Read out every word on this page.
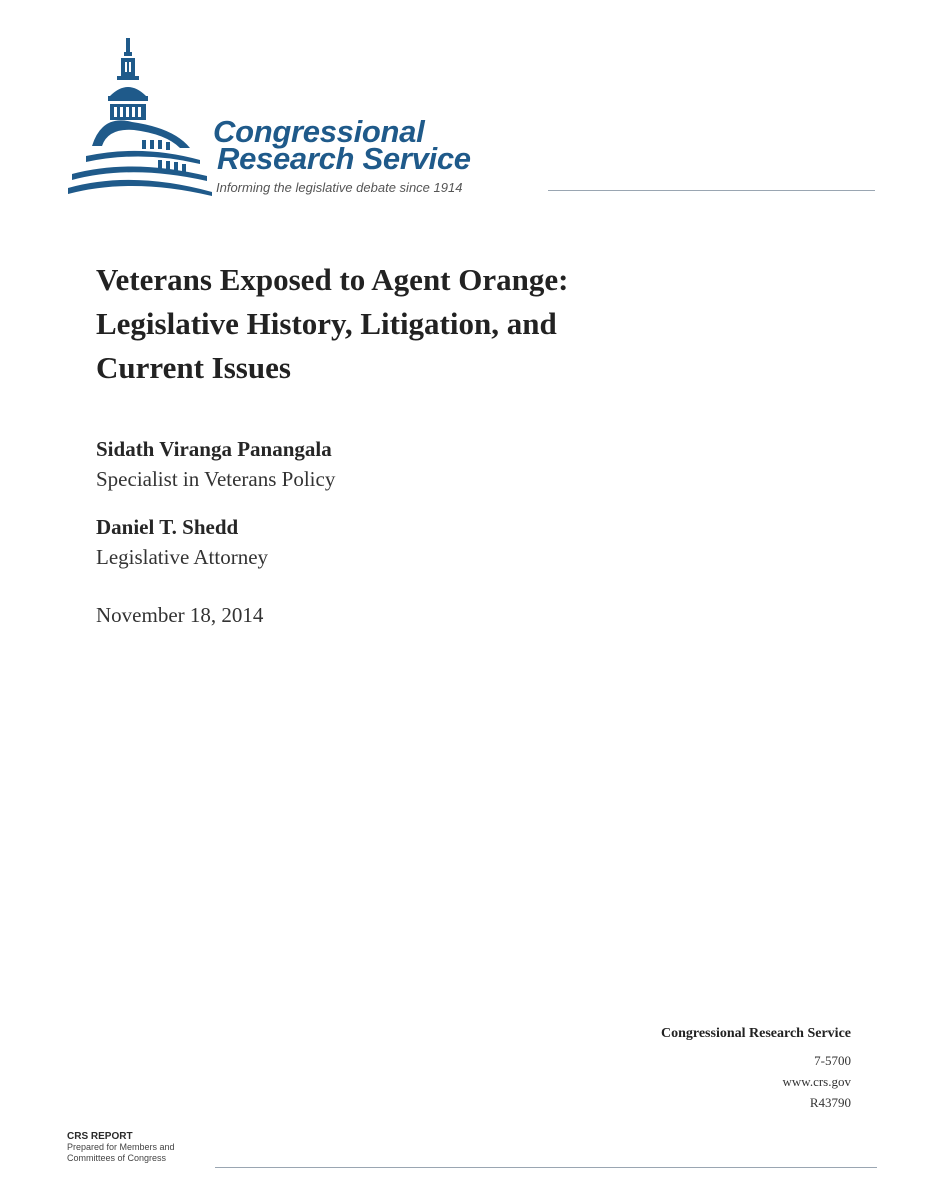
Congressional
Research Service
Informing the legislative debate since 1914
Veterans Exposed to Agent Orange:
Legislative History, Litigation, and
Current Issues
Sidath Viranga Panangala
Specialist in Veterans Policy
Daniel T. Shedd
Legislative Attorney
November 18, 2014
Congressional Research Service
7-5700
www.crs.gov
R43790
CRS REPORT
Prepared for Members and
Committees of Congress
